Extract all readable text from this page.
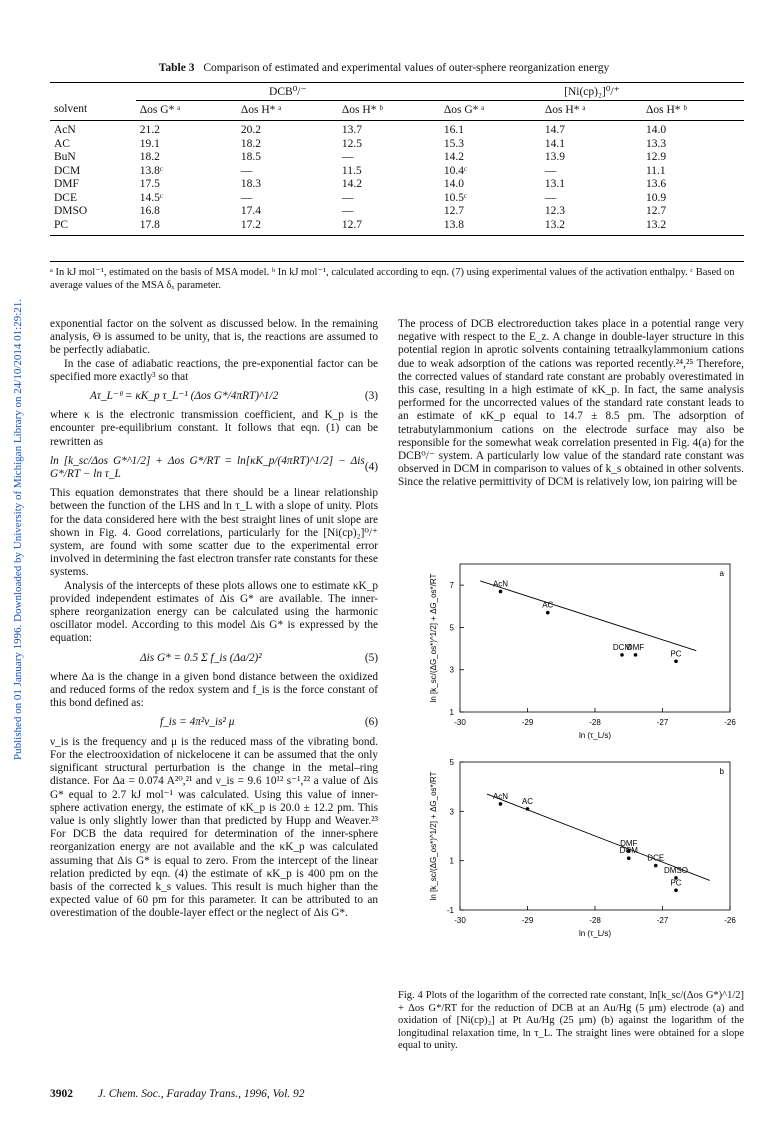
Published on 01 January 1996. Downloaded by University of Michigan Library on 24/10/2014 01:29:21.
Table 3 Comparison of estimated and experimental values of outer-sphere reorganization energy
	DCB⁰/⁻			[Ni(cp)₂]⁰/⁺		
solvent	Δos G* ᵃ	Δos H* ᵃ	Δos H* ᵇ	Δos G* ᵃ	Δos H* ᵃ	Δos H* ᵇ
AcN	21.2	20.2	13.7	16.1	14.7	14.0
AC	19.1	18.2	12.5	15.3	14.1	13.3
BuN	18.2	18.5	—	14.2	13.9	12.9
DCM	13.8ᶜ	—	11.5	10.4ᶜ	—	11.1
DMF	17.5	18.3	14.2	14.0	13.1	13.6
DCE	14.5ᶜ	—	—	10.5ᶜ	—	10.9
DMSO	16.8	17.4	—	12.7	12.3	12.7
PC	17.8	17.2	12.7	13.8	13.2	13.2
ᵃ In kJ mol⁻¹, estimated on the basis of MSA model. ᵇ In kJ mol⁻¹, calculated according to eqn. (7) using experimental values of the activation enthalpy. ᶜ Based on average values of the MSA δₓ parameter.

exponential factor on the solvent as discussed below. In the remaining analysis, Θ is assumed to be unity, that is, the reactions are assumed to be perfectly adiabatic.

In the case of adiabatic reactions, the pre-exponential factor can be specified more exactly³ so that

Aτ_L⁻ᶿ = κK_p τ_L⁻¹ (Δos G*/4πRT)^1/2	(3)

where κ is the electronic transmission coefficient, and K_p is the encounter pre-equilibrium constant. It follows that eqn. (1) can be rewritten as

ln [k_sc/Δos G*^1/2] + Δos G*/RT = ln[κK_p/(4πRT)^1/2] − Δis G*/RT − ln τ_L
(4)

This equation demonstrates that there should be a linear relationship between the function of the LHS and ln τ_L with a slope of unity. Plots for the data considered here with the best straight lines of unit slope are shown in Fig. 4. Good correlations, particularly for the [Ni(cp)₂]⁰/⁺ system, are found with some scatter due to the experimental error involved in determining the fast electron transfer rate constants for these systems.

Analysis of the intercepts of these plots allows one to estimate κK_p provided independent estimates of Δis G* are available. The inner-sphere reorganization energy can be calculated using the harmonic oscillator model. According to this model Δis G* is expressed by the equation:

Δis G* = 0.5 Σ f_is (Δa/2)²	(5)

where Δa is the change in a given bond distance between the oxidized and reduced forms of the redox system and f_is is the force constant of this bond defined as:

f_is = 4π²ν_is² μ	(6)

ν_is is the frequency and μ is the reduced mass of the vibrating bond. For the electrooxidation of nickelocene it can be assumed that the only significant structural perturbation is the change in the metal–ring distance. For Δa = 0.074 A²⁰,²¹ and ν_is = 9.6 10¹² s⁻¹,²² a value of Δis G* equal to 2.7 kJ mol⁻¹ was calculated. Using this value of inner-sphere activation energy, the estimate of κK_p is 20.0 ± 12.2 pm. This value is only slightly lower than that predicted by Hupp and Weaver.²³ For DCB the data required for determination of the inner-sphere reorganization energy are not available and the κK_p was calculated assuming that Δis G* is equal to zero. From the intercept of the linear relation predicted by eqn. (4) the estimate of κK_p is 400 pm on the basis of the corrected k_s values. This result is much higher than the expected value of 60 pm for this parameter. It can be attributed to an overestimation of the double-layer effect or the neglect of Δis G*.

The process of DCB electroreduction takes place in a potential range very negative with respect to the E_z. A change in double-layer structure in this potential region in aprotic solvents containing tetraalkylammonium cations due to weak adsorption of the cations was reported recently.²⁴,²⁵ Therefore, the corrected values of standard rate constant are probably overestimated in this case, resulting in a high estimate of κK_p. In fact, the same analysis performed for the uncorrected values of the standard rate constant leads to an estimate of κK_p equal to 14.7 ± 8.5 pm. The adsorption of tetrabutylammonium cations on the electrode surface may also be responsible for the somewhat weak correlation presented in Fig. 4(a) for the DCB⁰/⁻ system. A particularly low value of the standard rate constant was observed in DCM in comparison to values of k_s obtained in other solvents. Since the relative permittivity of DCM is relatively low, ion pairing will be

-30	-29	-28	-27	-26
1
3
5
7	AcN
AC
DCM
DMF
PC
a
ln (τ_L/s)
ln [k_sc/(ΔG_os*)^1/2] + ΔG_os*/RT
-30	-29	-28	-27	-26
-1
1
3
5
AcN
AC
DMF
DCM
DCE
DMSO
PC
b
ln (τ_L/s)
ln [k_sc/(ΔG_os*)^1/2] + ΔG_os*/RT
Fig. 4 Plots of the logarithm of the corrected rate constant, ln[k_sc/(Δos G*)^1/2] + Δos G*/RT for the reduction of DCB at an Au/Hg (5 μm) electrode (a) and oxidation of [Ni(cp)₂] at Pt Au/Hg (25 μm) (b) against the logarithm of the longitudinal relaxation time, ln τ_L. The straight lines were obtained for a slope equal to unity.
3902 J. Chem. Soc., Faraday Trans., 1996, Vol. 92
